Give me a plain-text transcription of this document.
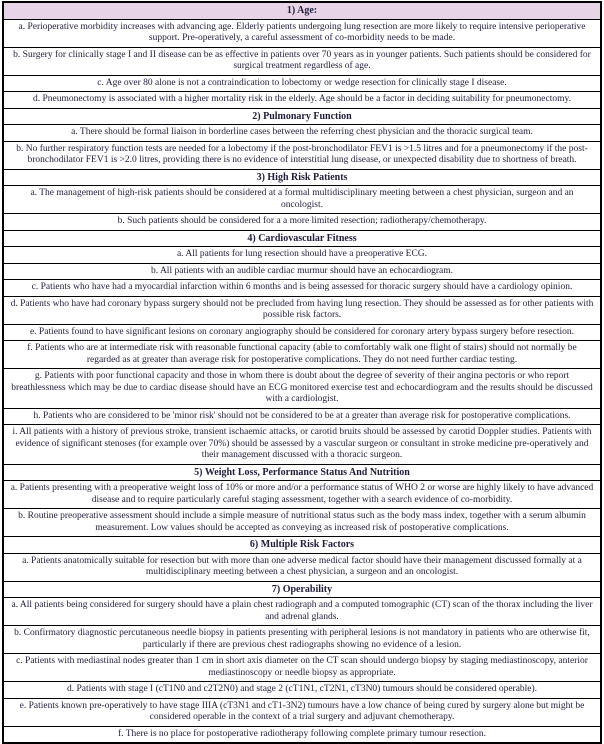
1) Age:
a. Perioperative morbidity increases with advancing age. Elderly patients undergoing lung resection are more likely to require intensive perioperative support. Pre-operatively, a careful assessment of co-morbidity needs to be made.
b. Surgery for clinically stage I and II disease can be as effective in patients over 70 years as in younger patients. Such patients should be considered for surgical treatment regardless of age.
c. Age over 80 alone is not a contraindication to lobectomy or wedge resection for clinically stage I disease.
d. Pneumonectomy is associated with a higher mortality risk in the elderly. Age should be a factor in deciding suitability for pneumonectomy.
2) Pulmonary Function
a. There should be formal liaison in borderline cases between the referring chest physician and the thoracic surgical team.
b. No further respiratory function tests are needed for a lobectomy if the post-bronchodilator FEV1 is >1.5 litres and for a pneumonectomy if the post-bronchodilator FEV1 is >2.0 litres, providing there is no evidence of interstitial lung disease, or unexpected disability due to shortness of breath.
3) High Risk Patients
a. The management of high-risk patients should be considered at a formal multidisciplinary meeting between a chest physician, surgeon and an oncologist.
b. Such patients should be considered for a a more limited resection; radiotherapy/chemotherapy.
4) Cardiovascular Fitness
a. All patients for lung resection should have a preoperative ECG.
b. All patients with an audible cardiac murmur should have an echocardiogram.
c. Patients who have had a myocardial infarction within 6 months and is being assessed for thoracic surgery should have a cardiology opinion.
d. Patients who have had coronary bypass surgery should not be precluded from having lung resection. They should be assessed as for other patients with possible risk factors.
e. Patients found to have significant lesions on coronary angiography should be considered for coronary artery bypass surgery before resection.
f. Patients who are at intermediate risk with reasonable functional capacity (able to comfortably walk one flight of stairs) should not normally be regarded as at greater than average risk for postoperative complications. They do not need further cardiac testing.
g. Patients with poor functional capacity and those in whom there is doubt about the degree of severity of their angina pectoris or who report breathlessness which may be due to cardiac disease should have an ECG monitored exercise test and echocardiogram and the results should be discussed with a cardiologist.
h. Patients who are considered to be 'minor risk' should not be considered to be at a greater than average risk for postoperative complications.
i. All patients with a history of previous stroke, transient ischaemic attacks, or carotid bruits should be assessed by carotid Doppler studies. Patients with evidence of significant stenoses (for example over 70%) should be assessed by a vascular surgeon or consultant in stroke medicine pre-operatively and their management discussed with a thoracic surgeon.
5) Weight Loss, Performance Status And Nutrition
a. Patients presenting with a preoperative weight loss of 10% or more and/or a performance status of WHO 2 or worse are highly likely to have advanced disease and to require particularly careful staging assessment, together with a search evidence of co-morbidity.
b. Routine preoperative assessment should include a simple measure of nutritional status such as the body mass index, together with a serum albumin measurement. Low values should be accepted as conveying as increased risk of postoperative complications.
6) Multiple Risk Factors
a. Patients anatomically suitable for resection but with more than one adverse medical factor should have their management discussed formally at a multidisciplinary meeting between a chest physician, a surgeon and an oncologist.
7) Operability
a. All patients being considered for surgery should have a plain chest radiograph and a computed tomographic (CT) scan of the thorax including the liver and adrenal glands.
b. Confirmatory diagnostic percutaneous needle biopsy in patients presenting with peripheral lesions is not mandatory in patients who are otherwise fit, particularly if there are previous chest radiographs showing no evidence of a lesion.
c. Patients with mediastinal nodes greater than 1 cm in short axis diameter on the CT scan should undergo biopsy by staging mediastinoscopy, anterior mediastinoscopy or needle biopsy as appropriate.
d. Patients with stage I (cT1N0 and c2T2N0) and stage 2 (cT1N1, cT2N1, cT3N0) tumours should be considered operable).
e. Patients known pre-operatively to have stage IIIA (cT3N1 and cT1-3N2) tumours have a low chance of being cured by surgery alone but might be considered operable in the context of a trial surgery and adjuvant chemotherapy.
f. There is no place for postoperative radiotherapy following complete primary tumour resection.
